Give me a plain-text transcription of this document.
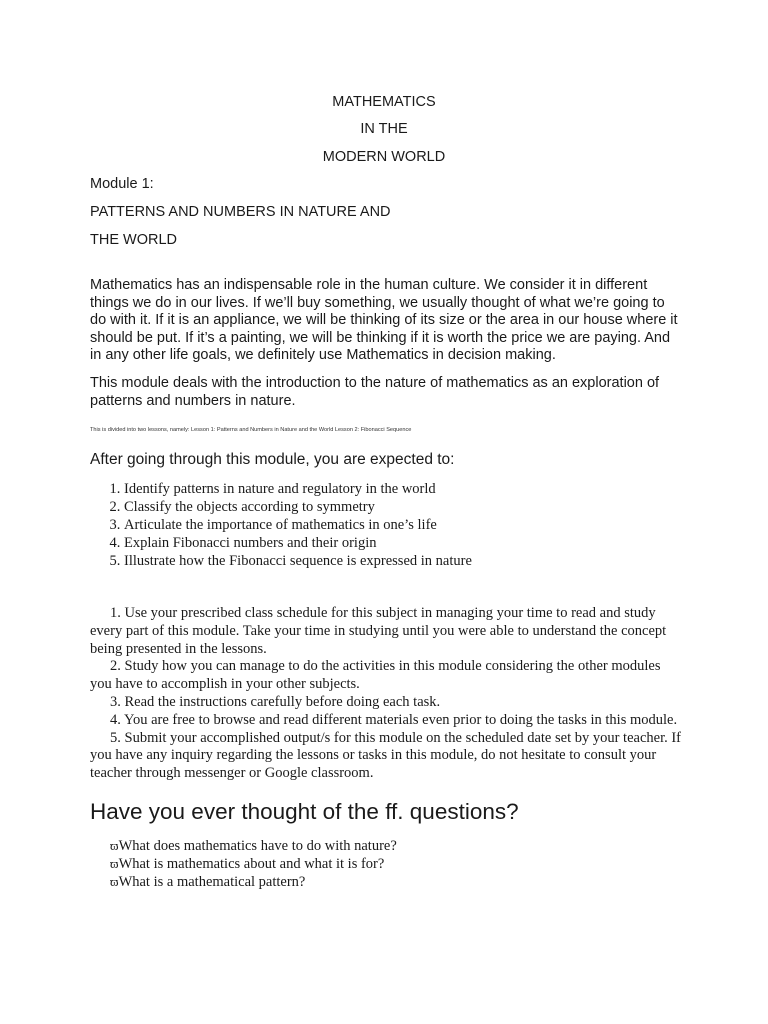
MATHEMATICS
IN THE
MODERN WORLD
Module 1:
PATTERNS AND NUMBERS IN NATURE AND
THE WORLD

Mathematics has an indispensable role in the human culture. We consider it in different things we do in our lives. If we’ll buy something, we usually thought of what we’re going to do with it. If it is an appliance, we will be thinking of its size or the area in our house where it should be put. If it’s a painting, we will be thinking if it is worth the price we are paying. And in any other life goals, we definitely use Mathematics in decision making.

This module deals with the introduction to the nature of mathematics as an exploration of patterns and numbers in nature.

This is divided into two lessons, namely: Lesson 1: Patterns and Numbers in Nature and the World Lesson 2: Fibonacci Sequence
After going through this module, you are expected to:
1. Identify patterns in nature and regulatory in the world
2. Classify the objects according to symmetry
3. Articulate the importance of mathematics in one’s life
4. Explain Fibonacci numbers and their origin
5. Illustrate how the Fibonacci sequence is expressed in nature

1. Use your prescribed class schedule for this subject in managing your time to read and study every part of this module. Take your time in studying until you were able to understand the concept being presented in the lessons.

2. Study how you can manage to do the activities in this module considering the other modules you have to accomplish in your other subjects.

3. Read the instructions carefully before doing each task.

4. You are free to browse and read different materials even prior to doing the tasks in this module.

5. Submit your accomplished output/s for this module on the scheduled date set by your teacher. If you have any inquiry regarding the lessons or tasks in this module, do not hesitate to consult your teacher through messenger or Google classroom.

Have you ever thought of the ff. questions?
ϖWhat does mathematics have to do with nature?
ϖWhat is mathematics about and what it is for?
ϖWhat is a mathematical pattern?
